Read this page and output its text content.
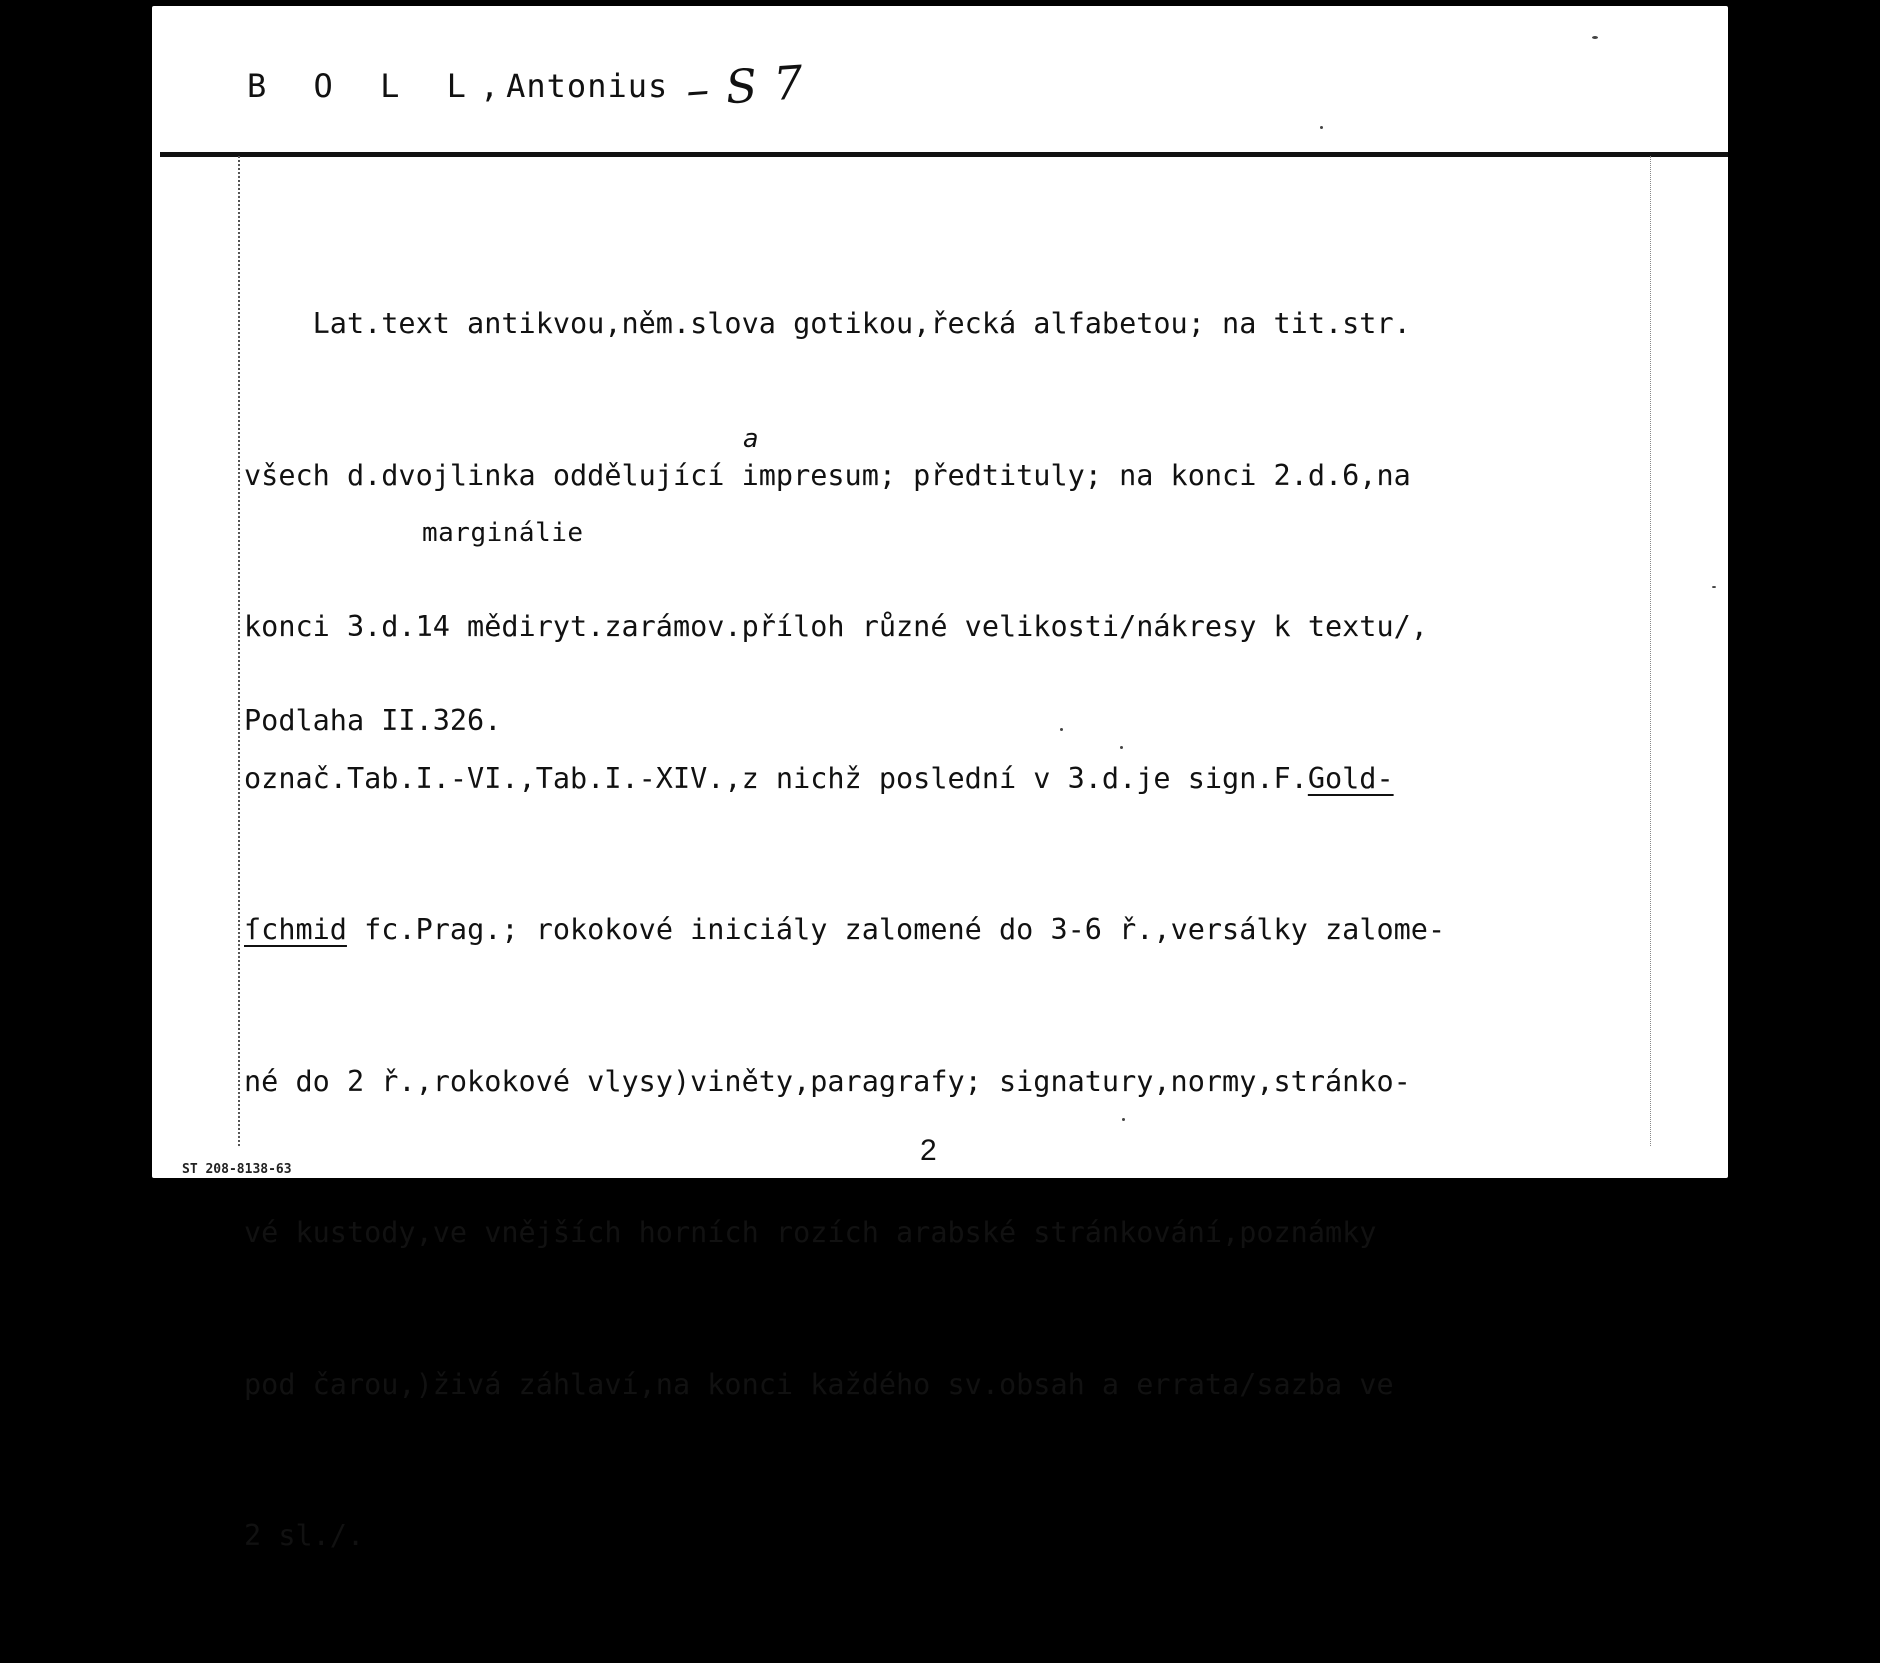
B O L L , Antonius – S 7

Lat.text antikvou,něm.slova gotikou,řecká alfabetou; na tit.str.

všech d.dvojlinka oddělující impresum; předtituly; na konci 2.d.6,na

konci 3.d.14 mědiryt.zarámov.příloh různé velikosti/nákresy k textu/,

označ.Tab.I.-VI.,Tab.I.-XIV.,z nichž poslední v 3.d.je sign.F.Gold-

ſchmid fc.Prag.; rokokové iniciály zalomené do 3-6 ř.,versálky zalome-

né do 2 ř.,rokokové vlysy)viněty,paragrafy; signatury,normy,stránko-

vé kustody,ve vnějších horních rozích arabské stránkování,poznámky

pod čarou,)živá záhlaví,na konci každého sv.obsah a errata/sazba ve

2 sl./.

a
marginálie
Podlaha II.326.
2
ST 208-8138-63
